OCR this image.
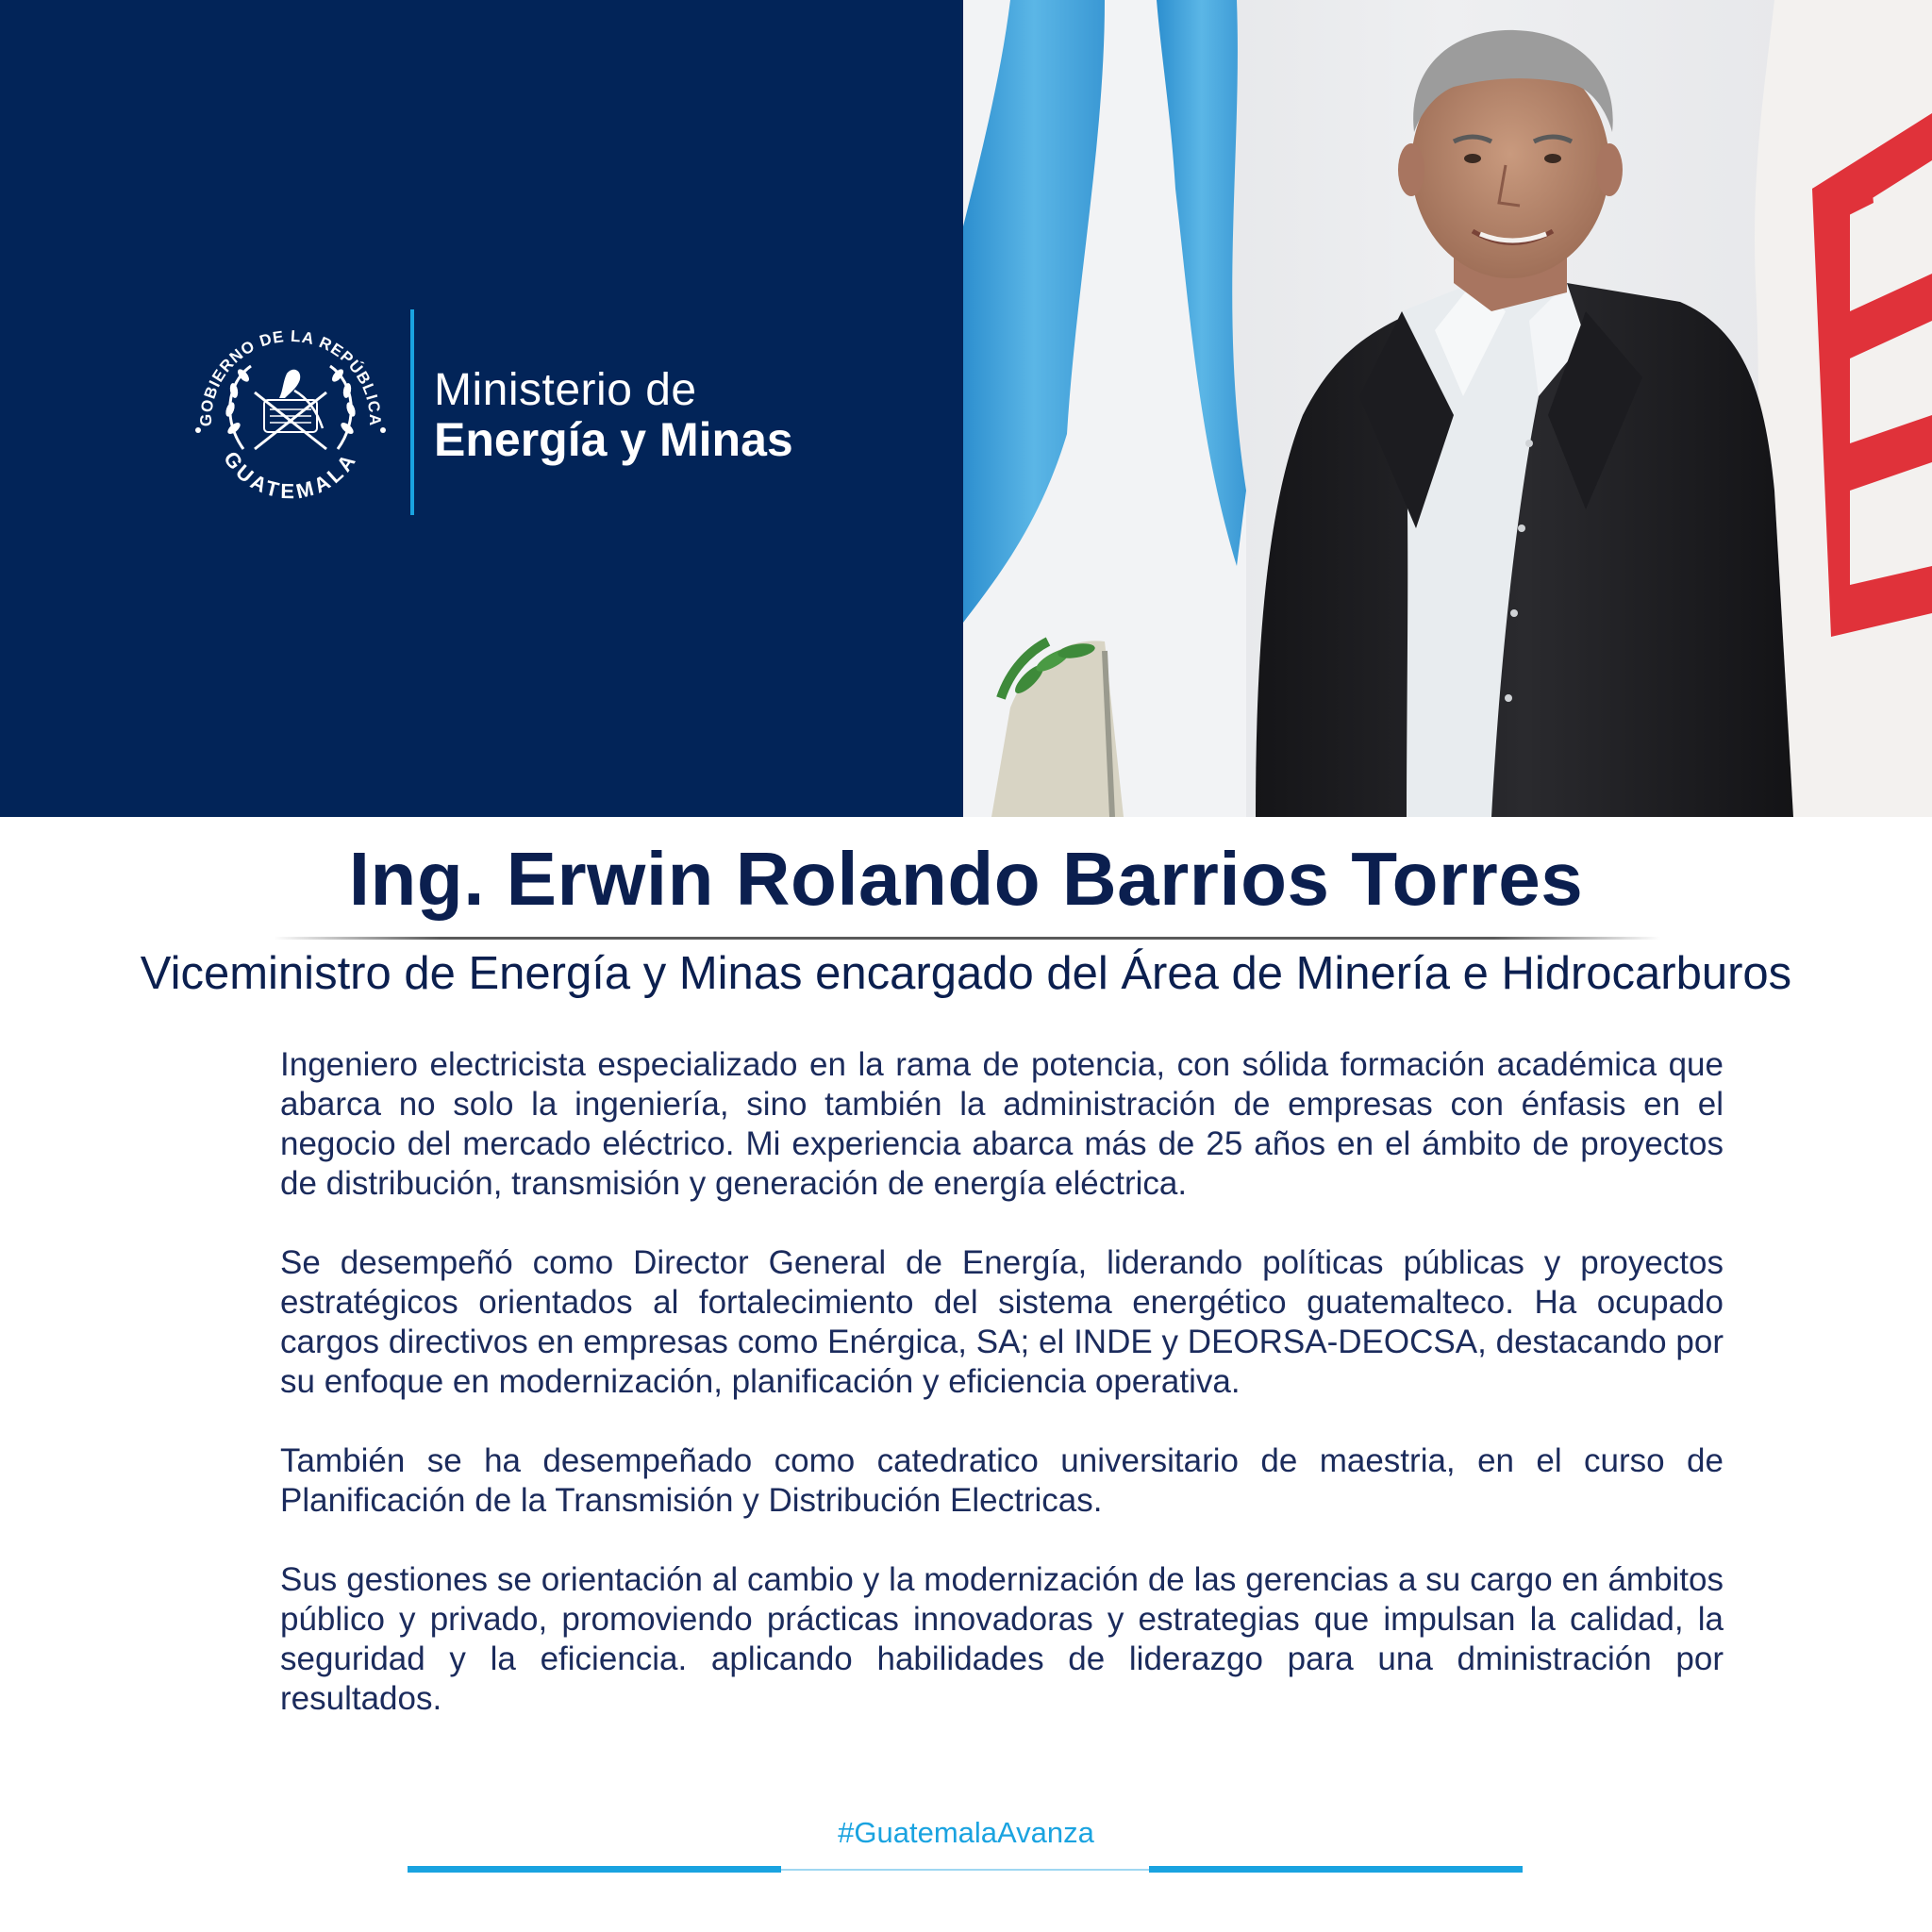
GOBIERNO DE LA REPÚBLICA
GUATEMALA
Ministerio de
Energía y Minas
Ing. Erwin Rolando Barrios Torres
Viceministro de Energía y Minas encargado del Área de Minería e Hidrocarburos

Ingeniero electricista especializado en la rama de potencia, con sólida formación académica que abarca no solo la ingeniería, sino también la administración de empresas con énfasis en el negocio del mercado eléctrico. Mi experiencia abarca más de 25 años en el ámbito de proyectos de distribución, transmisión y generación de energía eléctrica.

Se desempeñó como Director General de Energía, liderando políticas públicas y proyectos estratégicos orientados al fortalecimiento del sistema energético guatemalteco. Ha ocupado cargos directivos en empresas como Enérgica, SA; el INDE y DEORSA-DEOCSA, destacando por su enfoque en modernización, planificación y eficiencia operativa.

También se ha desempeñado como catedratico universitario de maestria, en el curso de Planificación de la Transmisión y Distribución Electricas.

Sus gestiones se orientación al cambio y la modernización de las gerencias a su cargo en ámbitos público y privado, promoviendo prácticas innovadoras y estrategias que impulsan la calidad, la seguridad y la eficiencia. aplicando habilidades de liderazgo para una dministración por resultados.

#GuatemalaAvanza
